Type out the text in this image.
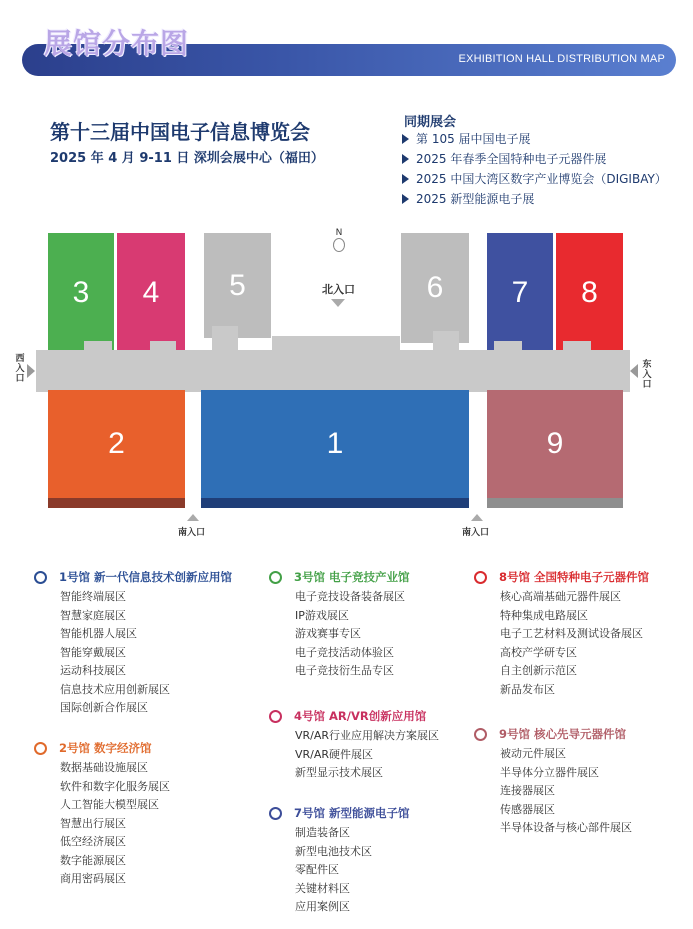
展馆分布图	EXHIBITION HALL DISTRIBUTION MAP
第十三届中国电子信息博览会
2025 年 4 月 9-11 日 深圳会展中心（福田）
同期展会
第 105 届中国电子展
2025 年春季全国特种电子元器件展
2025 中国大湾区数字产业博览会（DIGIBAY）
2025 新型能源电子展
3 4 5	6 7 8
2	1	9
N
北入口
西入口
东入口
南入口	南入口
1号馆 新一代信息技术创新应用馆
智能终端展区
智慧家庭展区
智能机器人展区
智能穿戴展区
运动科技展区
信息技术应用创新展区
国际创新合作展区
2号馆 数字经济馆
数据基础设施展区
软件和数字化服务展区
人工智能大模型展区
智慧出行展区
低空经济展区
数字能源展区
商用密码展区
3号馆 电子竞技产业馆
电子竞技设备装备展区
IP游戏展区
游戏赛事专区
电子竞技活动体验区
电子竞技衍生品专区
4号馆 AR/VR创新应用馆
VR/AR行业应用解决方案展区
VR/AR硬件展区
新型显示技术展区
7号馆 新型能源电子馆
制造装备区
新型电池技术区
零配件区
关键材料区
应用案例区
8号馆 全国特种电子元器件馆
核心高端基础元器件展区
特种集成电路展区
电子工艺材料及测试设备展区
高校产学研专区
自主创新示范区
新品发布区
9号馆 核心先导元器件馆
被动元件展区
半导体分立器件展区
连接器展区
传感器展区
半导体设备与核心部件展区
